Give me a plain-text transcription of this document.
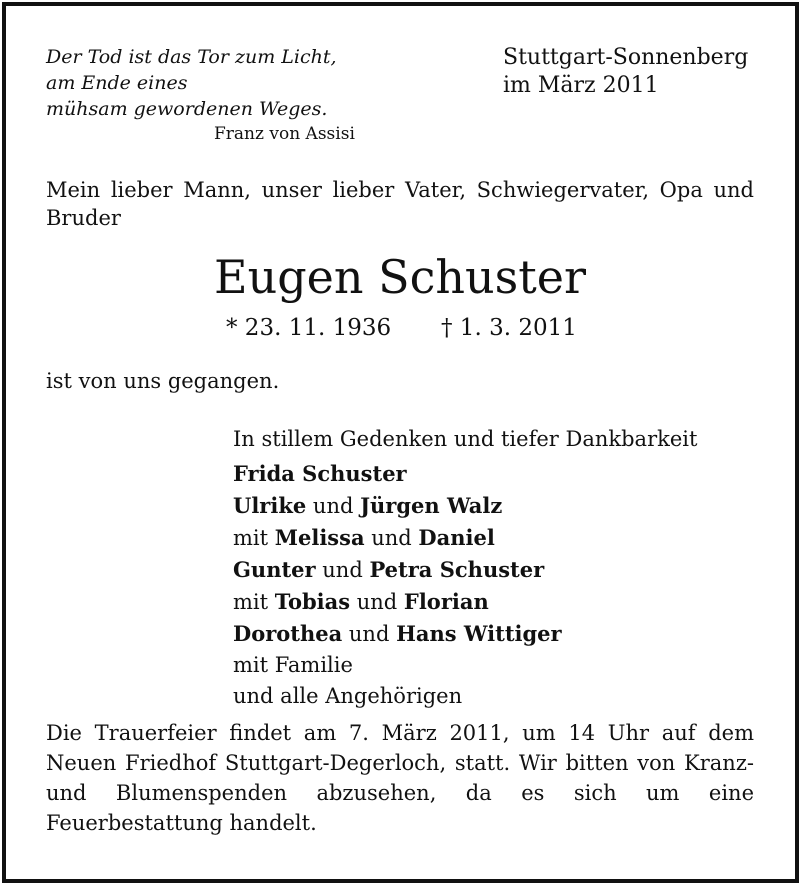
Der Tod ist das Tor zum Licht,
am Ende eines
mühsam gewordenen Weges.
Franz von Assisi
Stuttgart-Sonnenberg
im März 2011
Mein lieber Mann, unser lieber Vater, Schwiegervater, Opa und Bruder
Eugen Schuster
* 23. 11. 1936 † 1. 3. 2011
ist von uns gegangen.
In stillem Gedenken und tiefer Dankbarkeit
Frida Schuster
Ulrike und Jürgen Walz
mit Melissa und Daniel
Gunter und Petra Schuster
mit Tobias und Florian
Dorothea und Hans Wittiger
mit Familie
und alle Angehörigen
Die Trauerfeier findet am 7. März 2011, um 14 Uhr auf dem Neuen Friedhof Stuttgart-Degerloch, statt. Wir bitten von Kranz- und Blumenspenden abzusehen, da es sich um eine Feuerbestattung handelt.
